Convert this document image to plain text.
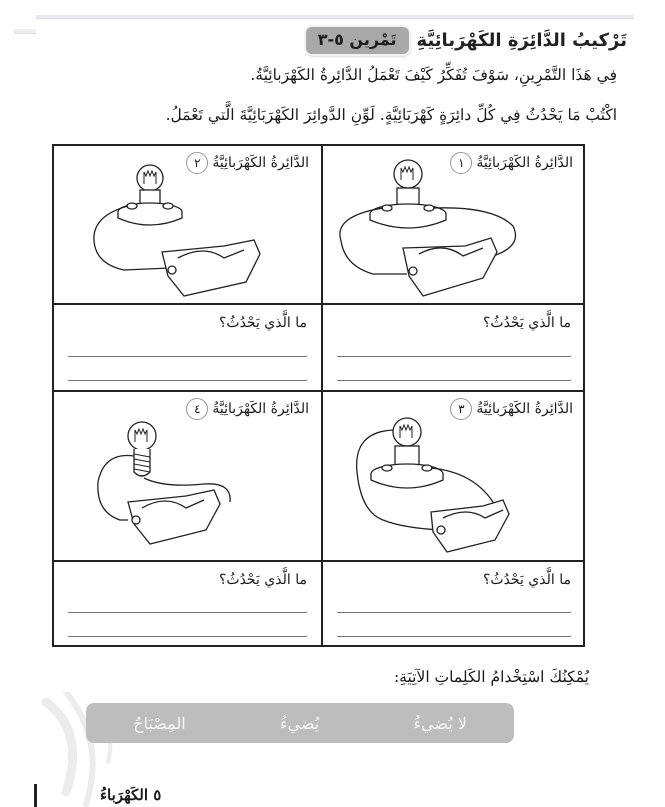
تَمْرين ٥-٣	تَرْكيبُ الدَّائِرَةِ الكَهْرَبائِيَّةِ
فِي هَذَا التَّمْرِينِ، سَوْفَ تُفَكِّرُ كَيْفَ تَعْمَلُ الدَّائِرةُ الكَهْرَبائِيَّةُ.
اكْتُبْ مَا يَحْدُثُ فِي كُلِّ دائِرَةٍ كَهْرَبَائِيَّةٍ. لَوِّنِ الدَّوائِرَ الكَهْرَبَائِيَّةَ الَّتي تَعْمَلُ.
الدَّائِرةُ الكَهْرَبائِيَّةُ
١
الدَّائِرةُ الكَهْرَبائِيَّةُ
٢
ما الَّذي يَحْدُثُ؟
ما الَّذي يَحْدُثُ؟
الدَّائِرةُ الكَهْرَبائِيَّةُ
٣
الدَّائِرةُ الكَهْرَبائِيَّةُ
٤
ما الَّذي يَحْدُثُ؟
ما الَّذي يَحْدُثُ؟
يُمْكِنُكَ اسْتِخْدامُ الكَلِماتِ الآتِيَةِ:
المِصْبَاحُ	يُضيءُ	لا يُضيءُ
٥ الكَهْرَباءُ
